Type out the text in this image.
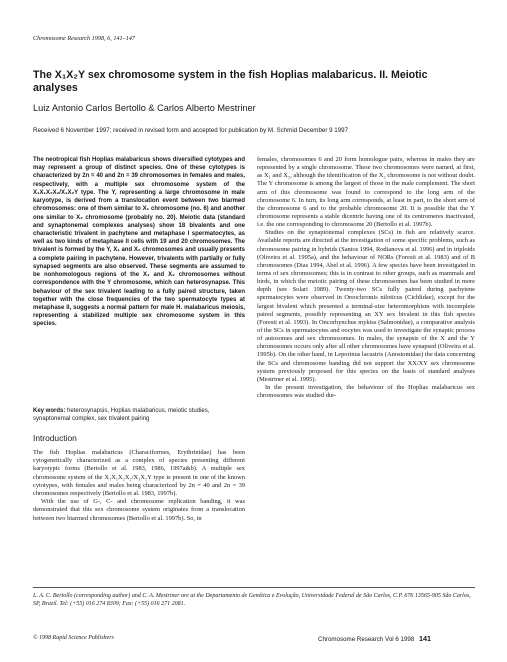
Chromosome Research 1998, 6, 141–147
The X₁X₂Y sex chromosome system in the fish Hoplias malabaricus. II. Meiotic analyses
Luiz Antonio Carlos Bertollo & Carlos Alberto Mestriner
Received 6 November 1997; received in revised form and accepted for publication by M. Schmid December 9 1997
The neotropical fish Hoplias malabaricus shows diversified cytotypes and may represent a group of distinct species. One of these cytotypes is characterized by 2n = 40 and 2n = 39 chromosomes in females and males, respectively, with a multiple sex chromosome system of the X₁X₁X₂X₂/X₁X₂Y type. The Y, representing a large chromosome in male karyotype, is derived from a translocation event between two biarmed chromosomes: one of them similar to X₁ chromosome (no. 6) and another one similar to X₂ chromosome (probably no. 20). Meiotic data (standard and synaptonemal complexes analyses) show 18 bivalents and one characteristic trivalent in pachytene and metaphase I spermatocytes, as well as two kinds of metaphase II cells with 19 and 20 chromosomes. The trivalent is formed by the Y, X₁ and X₂ chromosomes and usually presents a complete pairing in pachytene. However, trivalents with partially or fully synapsed segments are also observed. These segments are assumed to be nonhomologous regions of the X₁ and X₂ chromosomes without correspondence with the Y chromosome, which can heterosynapse. This behaviour of the sex trivalent leading to a fully paired structure, taken together with the close frequencies of the two spermatocyte types at metaphase II, suggests a normal pattern for male H. malabaricus meiosis, representing a stabilized multiple sex chromosome system in this species.
Key words: heterosynapsis, Hoplias malabaricus, meiotic studies, synaptonemal complex, sex trivalent pairing
Introduction

The fish Hoplias malabaricus (Characiformes, Erythrinidae) has been cytogenetically characterized as a complex of species presenting different karyotypic forms (Bertollo et al. 1983, 1986, 1997a&b). A multiple sex chromosome system of the X₁X₁X₂X₂/X₁X₂Y type is present in one of the known cytotypes, with females and males being characterized by 2n = 40 and 2n = 39 chromosomes respectively (Bertollo et al. 1983, 1997b).

With the use of G-, C- and chromosome replication banding, it was demonstrated that this sex chromosome system originates from a translocation between two biarmed chromosomes (Bertollo et al. 1997b). So, in

females, chromosomes 6 and 20 form homologue pairs, whereas in males they are represented by a single chromosome. These two chromosomes were named, at first, as X₁ and X₂, although the identification of the X₂ chromosome is not without doubt. The Y chromosome is among the largest of those in the male complement. The short arm of this chromosome was found to correspond to the long arm of the chromosome 6. In turn, its long arm corresponds, at least in part, to the short arm of the chromosome 6 and to the probable chromosome 20. It is possible that the Y chromosome represents a stable dicentric having one of its centromeres inactivated, i.e. the one corresponding to chromosome 20 (Bertollo et al. 1997b).

Studies on the synaptonemal complexes (SCs) in fish are relatively scarce. Available reports are directed at the investigation of some specific problems, such as chromosome pairing in hybrids (Santos 1994, Rodianova et al. 1996) and in triploids (Oliveira et al. 1995a), and the behaviour of NORs (Foresti et al. 1983) and of B chromosomes (Dias 1994, Abel et al. 1996). A few species have been investigated in terms of sex chromosomes; this is in contrast to other groups, such as mammals and birds, in which the meiotic pairing of these chromosomes has been studied in more depth (see Solari 1989). Twenty-two SCs fully paired during pachytene spermatocytes were observed in Oreochromis niloticus (Cichlidae), except for the largest bivalent which presented a terminal-size heteromorphism with incomplete paired segments, possibly representing an XY sex bivalent in this fish species (Foresti et al. 1993). In Oncorhynchus mykiss (Salmonidae), a comparative analysis of the SCs in spermatocytes and oocytes was used to investigate the synaptic process of autosomes and sex chromosomes. In males, the synapsis of the X and the Y chromosomes occurs only after all other chromosomes have synapsed (Oliveira et al. 1995b). On the other hand, in Leporinus lacustris (Anostomidae) the data concerning the SCs and chromosome banding did not support the XX/XY sex chromosome system previously proposed for this species on the basis of standard analyses (Mestriner et al. 1995).

In the present investigation, the behaviour of the Hoplias malabaricus sex chromosomes was studied dur-

L. A. C. Bertollo (corresponding author) and C. A. Mestriner are at the Departamento de Genética e Evolução, Universidade Federal de São Carlos, C.P. 676 13565-905 São Carlos, SP, Brazil. Tel: (+55) 016 274 8309; Fax: (+55) 016 271 2081.
© 1998 Rapid Science Publishers	Chromosome Research Vol 6 1998 141
